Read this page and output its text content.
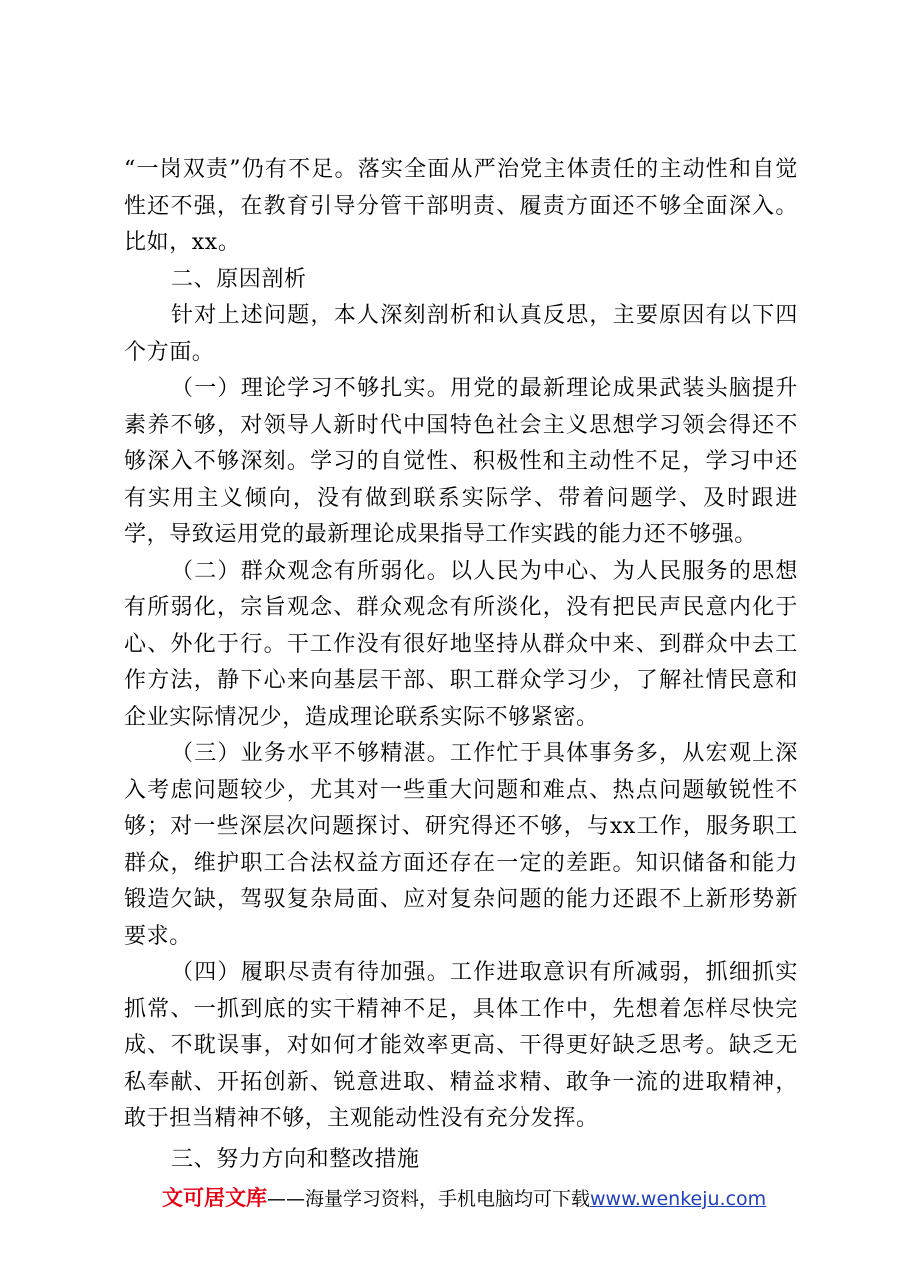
“一岗双责”仍有不足。落实全面从严治党主体责任的主动性和自觉性还不强，在教育引导分管干部明责、履责方面还不够全面深入。比如，xx。

二、原因剖析

针对上述问题，本人深刻剖析和认真反思，主要原因有以下四个方面。

（一）理论学习不够扎实。用党的最新理论成果武装头脑提升素养不够，对领导人新时代中国特色社会主义思想学习领会得还不够深入不够深刻。学习的自觉性、积极性和主动性不足，学习中还有实用主义倾向，没有做到联系实际学、带着问题学、及时跟进学，导致运用党的最新理论成果指导工作实践的能力还不够强。

（二）群众观念有所弱化。以人民为中心、为人民服务的思想有所弱化，宗旨观念、群众观念有所淡化，没有把民声民意内化于心、外化于行。干工作没有很好地坚持从群众中来、到群众中去工作方法，静下心来向基层干部、职工群众学习少，了解社情民意和企业实际情况少，造成理论联系实际不够紧密。

（三）业务水平不够精湛。工作忙于具体事务多，从宏观上深入考虑问题较少，尤其对一些重大问题和难点、热点问题敏锐性不够；对一些深层次问题探讨、研究得还不够，与xx工作，服务职工群众，维护职工合法权益方面还存在一定的差距。知识储备和能力锻造欠缺，驾驭复杂局面、应对复杂问题的能力还跟不上新形势新要求。

（四）履职尽责有待加强。工作进取意识有所减弱，抓细抓实抓常、一抓到底的实干精神不足，具体工作中，先想着怎样尽快完成、不耽误事，对如何才能效率更高、干得更好缺乏思考。缺乏无私奉献、开拓创新、锐意进取、精益求精、敢争一流的进取精神，敢于担当精神不够，主观能动性没有充分发挥。

三、努力方向和整改措施
文可居文库——海量学习资料，手机电脑均可下载www.wenkeju.com
